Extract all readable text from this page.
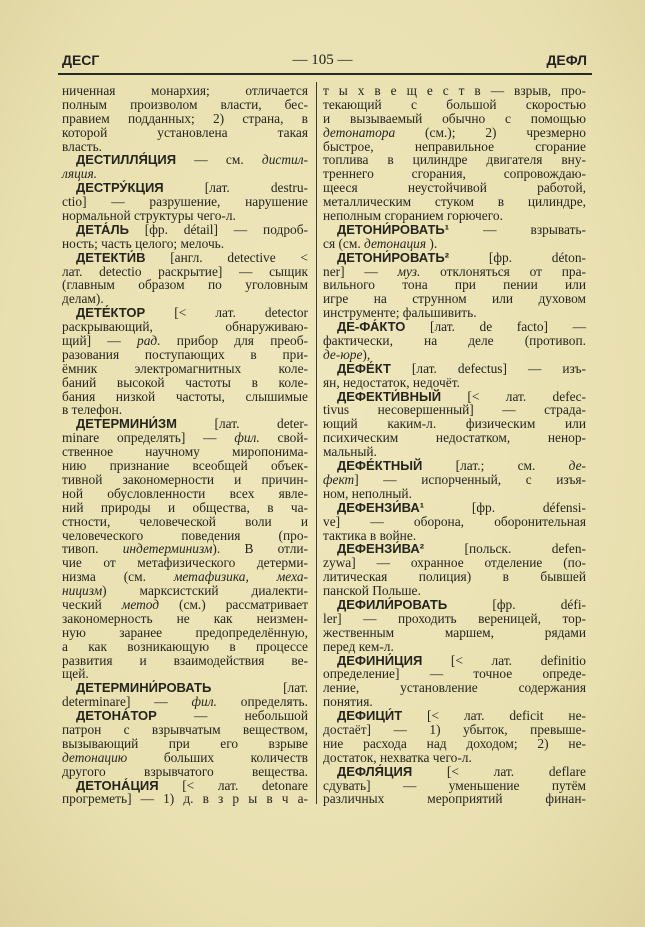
ДЕСГ	— 105 —	ДЕФЛ
ниченная монархия; отличается
полным произволом власти, бес-
правием подданных; 2) страна, в
которой установлена такая
власть.
ДЕСТИЛЛЯ́ЦИЯ — см. дистил-
ляция.
ДЕСТРУ́КЦИЯ [лат. destru-
ctio] — разрушение, нарушение
нормальной структуры чего-л.
ДЕТА́ЛЬ [фр. détail] — подроб-
ность; часть целого; мелочь.
ДЕТЕКТИ́В [англ. detective <
лат. detectio раскрытие] — сыщик
(главным образом по уголовным
делам).
ДЕТЕ́КТОР [< лат. detector
раскрывающий, обнаруживаю-
щий] — рад. прибор для преоб-
разования поступающих в при-
ёмник электромагнитных коле-
баний высокой частоты в коле-
бания низкой частоты, слышимые
в телефон.
ДЕТЕРМИНИ́ЗМ [лат. deter-
minare определять] — фил. свой-
ственное научному миропонима-
нию признание всеобщей объек-
тивной закономерности и причин-
ной обусловленности всех явле-
ний природы и общества, в ча-
стности, человеческой воли и
человеческого поведения (про-
тивоп. индетерминизм). В отли-
чие от метафизического детерми-
низма (см. метафизика, меха-
ницизм) марксистский диалекти-
ческий метод (см.) рассматривает
закономерность не как неизмен-
ную заранее предопределённую,
а как возникающую в процессе
развития и взаимодействия ве-
щей.
ДЕТЕРМИНИ́РОВАТЬ [лат.
determinare] — фил. определять.
ДЕТОНА́ТОР — небольшой
патрон с взрывчатым веществом,
вызывающий при его взрыве
детонацию больших количеств
другого взрывчатого вещества.
ДЕТОНА́ЦИЯ [< лат. detonare
прогреметь] — 1) д. в з р ы в ч а-
т ы х в е щ е с т в — взрыв, про-
текающий с большой скоростью
и вызываемый обычно с помощью
детонатора (см.); 2) чрезмерно
быстрое, неправильное сгорание
топлива в цилиндре двигателя вну-
треннего сгорания, сопровождаю-
щееся неустойчивой работой,
металлическим стуком в цилиндре,
неполным сгоранием горючего.
ДЕТОНИ́РОВАТЬ¹ — взрывать-
ся (см. детонация ).
ДЕТОНИ́РОВАТЬ² [фр. déton-
ner] — муз. отклоняться от пра-
вильного тона при пении или
игре на струнном или духовом
инструменте; фальшивить.
ДЕ-ФА́КТО [лат. de facto] —
фактически, на деле (противоп.
де-юре),
ДЕФЕ́КТ [лат. defectus] — изъ-
ян, недостаток, недочёт.
ДЕФЕКТИ́ВНЫЙ [< лат. defec-
tivus несовершенный] — страда-
ющий каким-л. физическим или
психическим недостатком, ненор-
мальный.
ДЕФЕ́КТНЫЙ [лат.; см. де-
фект] — испорченный, с изъя-
ном, неполный.
ДЕФЕНЗИ́ВА¹ [фр. défensi-
ve] — оборона, оборонительная
тактика в войне.
ДЕФЕНЗИ́ВА² [польск. defen-
zywa] — охранное отделение (по-
литическая полиция) в бывшей
панской Польше.
ДЕФИЛИ́РОВАТЬ [фр. défi-
ler] — проходить вереницей, тор-
жественным маршем, рядами
перед кем-л.
ДЕФИНИ́ЦИЯ [< лат. definitio
определение] — точное опреде-
ление, установление содержания
понятия.
ДЕФИЦИ́Т [< лат. deficit не-
достаёт] — 1) убыток, превыше-
ние расхода над доходом; 2) не-
достаток, нехватка чего-л.
ДЕФЛЯ́ЦИЯ [< лат. deflare
сдувать] — уменьшение путём
различных мероприятий финан-
